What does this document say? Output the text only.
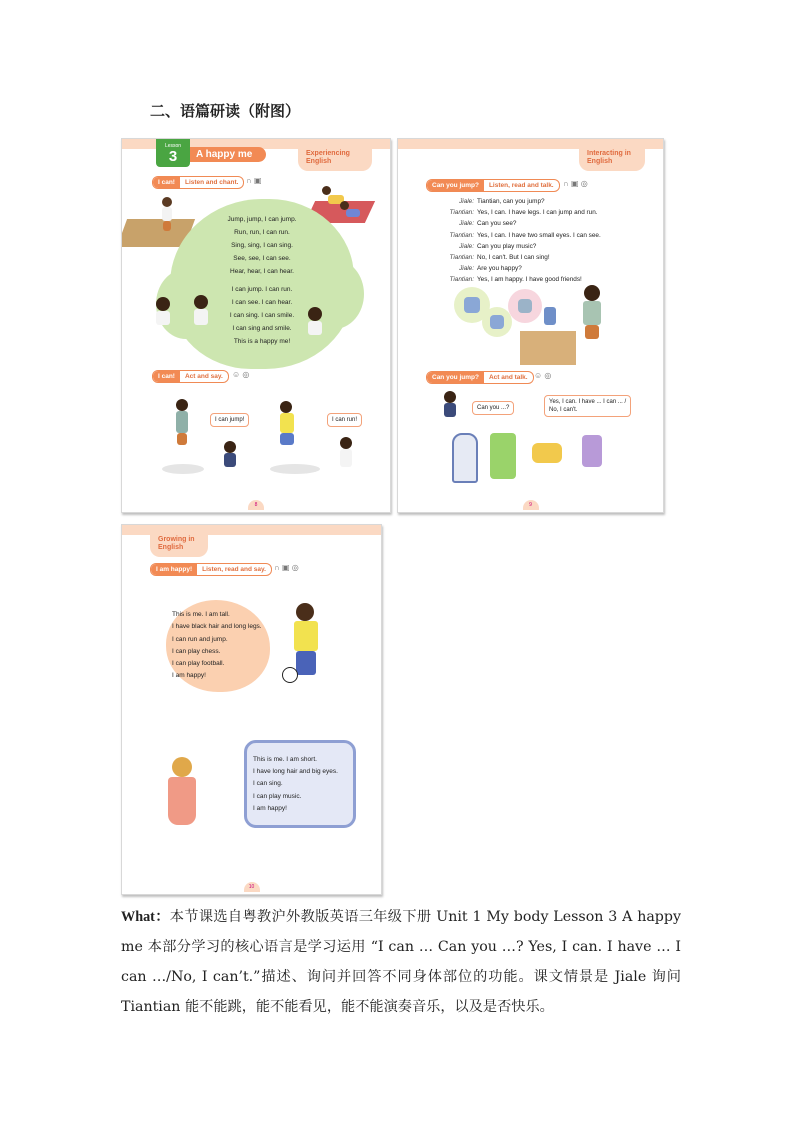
二、语篇研读（附图）
Lesson
3	A happy me	Experiencing English
I can!	Listen and chant. ∩ ▣
Jump, jump, I can jump.
Run, run, I can run.
Sing, sing, I can sing.
See, see, I can see.
Hear, hear, I can hear.
I can jump. I can run.
I can see. I can hear.
I can sing. I can smile.
I can sing and smile.
This is a happy me!
I can!	Act and say.	☺ ◎
I can jump!	I can run!
8
Interacting in English
Can you jump?	Listen, read and talk.	∩ ▣ ◎
Jiale: Tiantian, can you jump?
Tiantian: Yes, I can. I have legs. I can jump and run.
Jiale: Can you see?
Tiantian: Yes, I can. I have two small eyes. I can see.
Jiale: Can you play music?
Tiantian: No, I can't. But I can sing!
Jiale: Are you happy?
Tiantian: Yes, I am happy. I have good friends!
Can you jump?	Act and talk. ☺ ◎
Can you ...?
Yes, I can. I have ... I can ... /
No, I can't.
9
Growing in English
I am happy!	Listen, read and say.	∩ ▣ ◎
This is me. I am tall.
I have black hair and long legs.
I can run and jump.
I can play chess.
I can play football.
I am happy!
This is me. I am short.
I have long hair and big eyes.
I can sing.
I can play music.
I am happy!
10
What：本节课选自粤教沪外教版英语三年级下册 Unit 1 My body Lesson 3 A happy me 本部分学习的核心语言是学习运用 “I can … Can you …? Yes, I can. I have … I can …/No, I can’t.”描述、询问并回答不同身体部位的功能。课文情景是 Jiale 询问 Tiantian 能不能跳，能不能看见，能不能演奏音乐，以及是否快乐。
